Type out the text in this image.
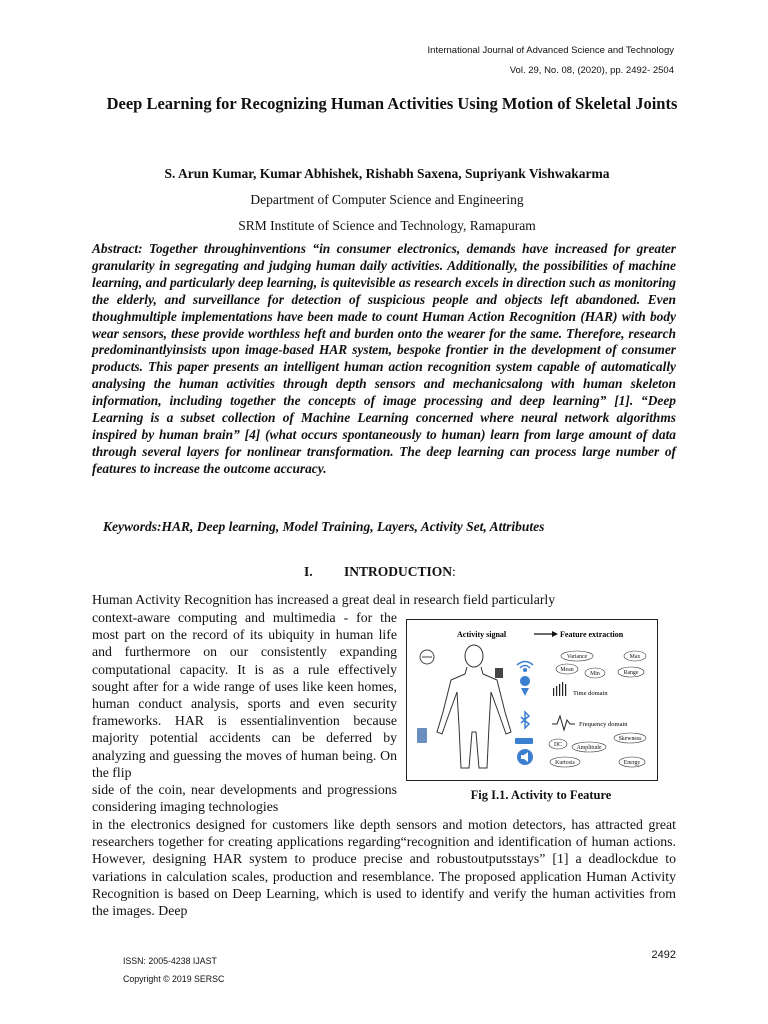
International Journal of Advanced Science and Technology
Vol. 29, No. 08, (2020), pp. 2492- 2504
Deep Learning for Recognizing Human Activities Using Motion of Skeletal Joints
S. Arun Kumar, Kumar Abhishek, Rishabh Saxena, Supriyank Vishwakarma
Department of Computer Science and Engineering
SRM Institute of Science and Technology, Ramapuram

Abstract: Together throughinventions “in consumer electronics, demands have increased for greater granularity in segregating and judging human daily activities. Additionally, the possibilities of machine learning, and particularly deep learning, is quitevisible as research excels in direction such as monitoring the elderly, and surveillance for detection of suspicious people and objects left abandoned. Even thoughmultiple implementations have been made to count Human Action Recognition (HAR) with body wear sensors, these provide worthless heft and burden onto the wearer for the same. Therefore, research predominantlyinsists upon image-based HAR system, bespoke frontier in the development of consumer products. This paper presents an intelligent human action recognition system capable of automatically analysing the human activities through depth sensors and mechanicsalong with human skeleton information, including together the concepts of image processing and deep learning” [1]. “Deep Learning is a subset collection of Machine Learning concerned where neural network algorithms inspired by human brain” [4] (what occurs spontaneously to human) learn from large amount of data through several layers for nonlinear transformation. The deep learning can process large number of features to increase the outcome accuracy.

Keywords:HAR, Deep learning, Model Training, Layers, Activity Set, Attributes

I. INTRODUCTION:

Human Activity Recognition has increased a great deal in research field particularly

context-aware computing and multimedia - for the most part on the record of its ubiquity in human life and furthermore on our consistently expanding computational capacity. It is as a rule effectively sought after for a wide range of uses like keen homes, human conduct analysis, sports and even security frameworks. HAR is essentialinvention because majority potential accidents can be deferred by analyzing and guessing the moves of human being. On the flip

side of the coin, near developments and progressions considering imaging technologies

in the electronics designed for customers like depth sensors and motion detectors, has attracted great researchers together for creating applications regarding“recognition and identification of human actions. However, designing HAR system to produce precise and robustoutputsstays” [1] a deadlockdue to variations in calculation scales, production and resemblance. The proposed application Human Activity Recognition is based on Deep Learning, which is used to identify and verify the human activities from the images. Deep

Activity signal	Feature extraction
Variance	Max
Mean
Min	Range
Time domain
Frequency domain
Skewness
DC	Amplitude
Kurtosis	Energy
Fig I.1. Activity to Feature
ISSN: 2005-4238 IJAST
Copyright © 2019 SERSC
2492
